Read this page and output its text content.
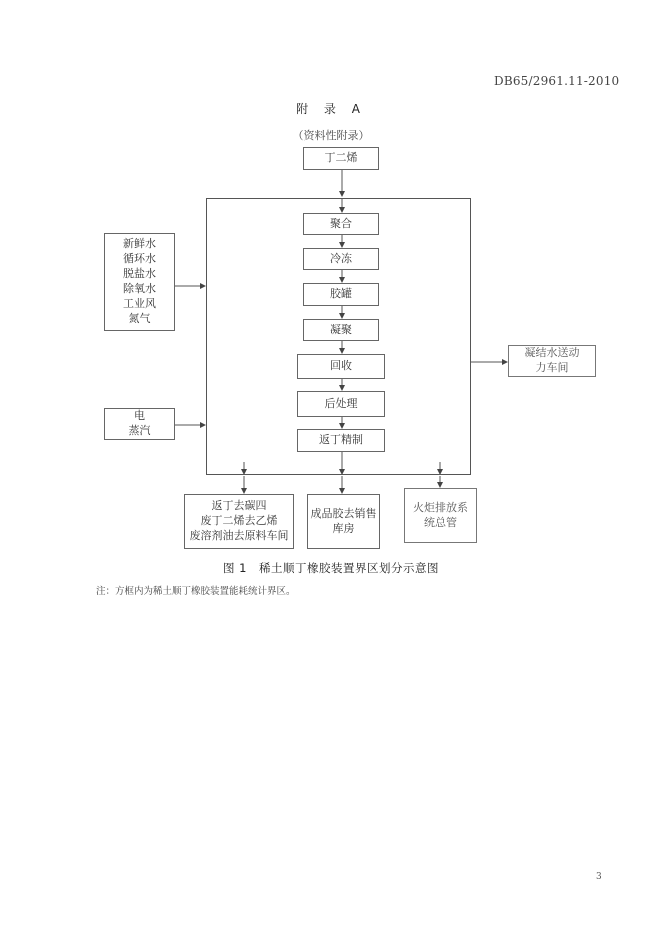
DB65/2961.11-2010
附 录 A
（资料性附录）
丁二烯
聚合
冷冻
胶罐
凝聚
回收
后处理
返丁精制
新鲜水
循环水
脱盐水
除氧水
工业风
氮气
电
蒸汽
凝结水送动
力车间
返丁去碳四
废丁二烯去乙烯
废溶剂油去原料车间
成品胶去销售
库房
火炬排放系
统总管
图 1　稀土顺丁橡胶装置界区划分示意图
注：方框内为稀土顺丁橡胶装置能耗统计界区。
3
